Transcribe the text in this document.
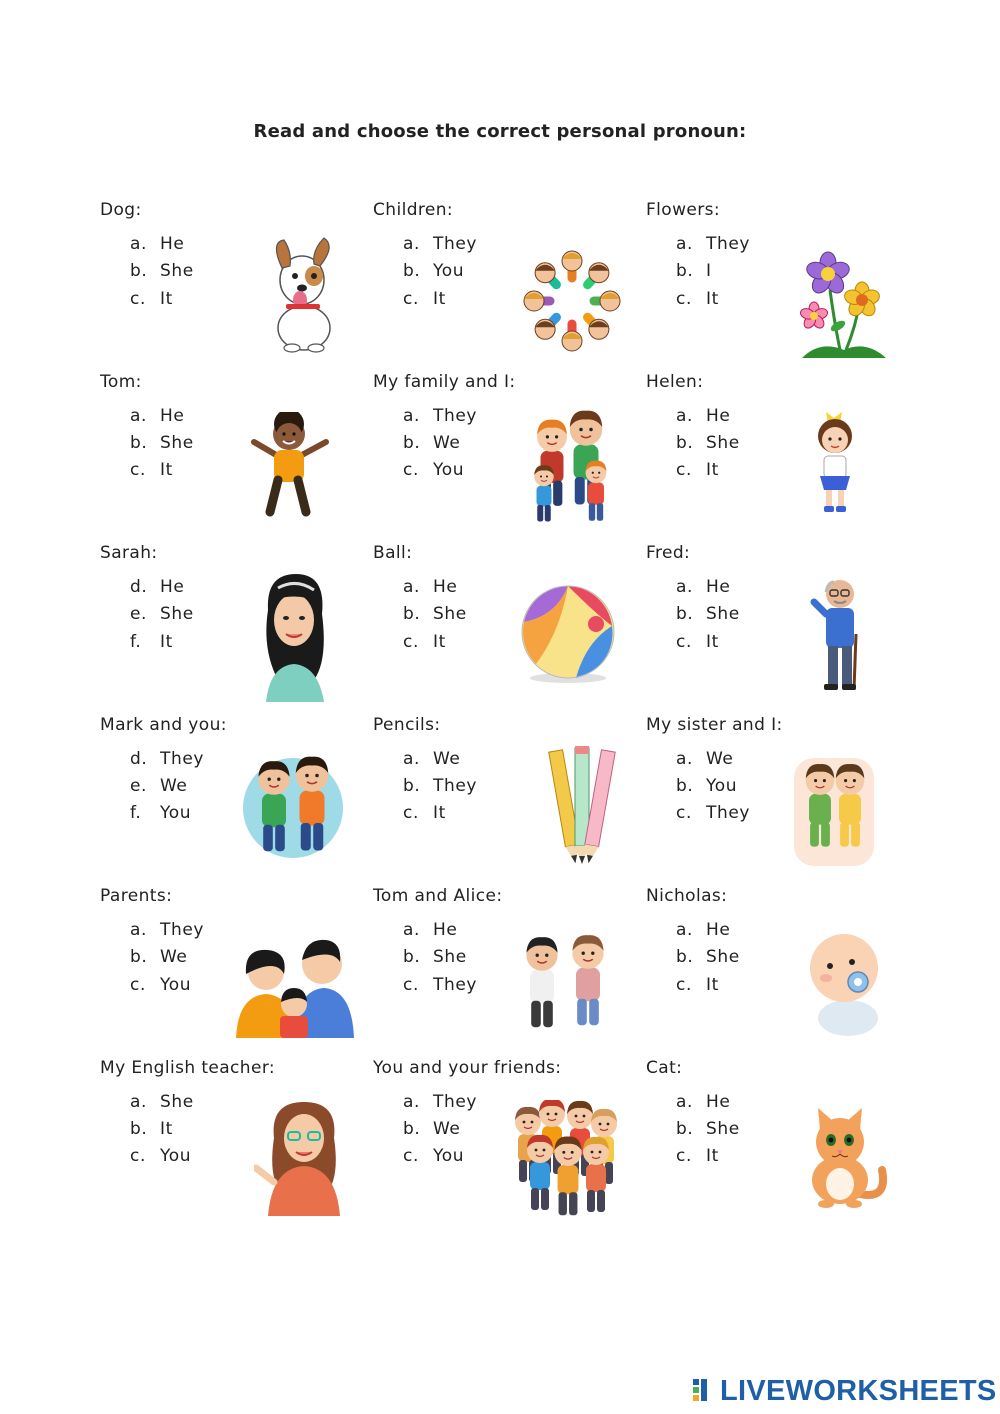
Read and choose the correct personal pronoun:
Dog:
a. He
b. She
c. It
Children:
a. They
b. You
c. It
Flowers:
a. They
b. I
c. It
Tom:
a. He
b. She
c. It
My family and I:
a. They
b. We
c. You
Helen:
a. He
b. She
c. It
Sarah:
d. He
e. She
f. It
Ball:
a. He
b. She
c. It
Fred:
a. He
b. She
c. It
Mark and you:
d. They
e. We
f. You
Pencils:
a. We
b. They
c. It
My sister and I:
a. We
b. You
c. They
Parents:
a. They
b. We
c. You
Tom and Alice:
a. He
b. She
c. They
Nicholas:
a. He
b. She
c. It
My English teacher:
a. She
b. It
c. You
You and your friends:
a. They
b. We
c. You
Cat:
a. He
b. She
c. It
LIVEWORKSHEETS
